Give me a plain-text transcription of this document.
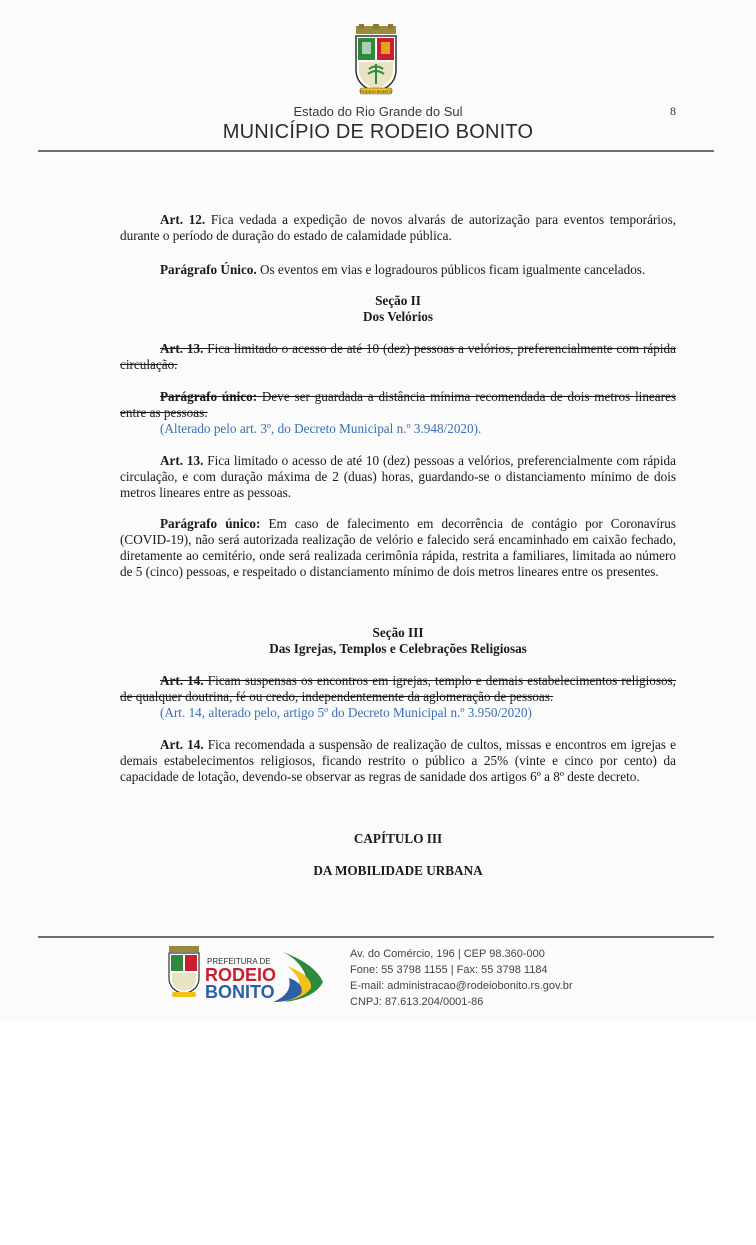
RODEIO BONITO
Estado do Rio Grande do Sul
MUNICÍPIO DE RODEIO BONITO
8
Art. 12. Fica vedada a expedição de novos alvarás de autorização para eventos temporários, durante o período de duração do estado de calamidade pública.
Parágrafo Único. Os eventos em vias e logradouros públicos ficam igualmente cancelados.
Seção II
Dos Velórios
Art. 13. Fica limitado o acesso de até 10 (dez) pessoas a velórios, preferencialmente com rápida circulação.
Parágrafo único: Deve ser guardada a distância mínima recomendada de dois metros lineares entre as pessoas.
(Alterado pelo art. 3º, do Decreto Municipal n.º 3.948/2020).
Art. 13. Fica limitado o acesso de até 10 (dez) pessoas a velórios, preferencialmente com rápida circulação, e com duração máxima de 2 (duas) horas, guardando-se o distanciamento mínimo de dois metros lineares entre as pessoas.
Parágrafo único: Em caso de falecimento em decorrência de contágio por Coronavírus (COVID-19), não será autorizada realização de velório e falecido será encaminhado em caixão fechado, diretamente ao cemitério, onde será realizada cerimônia rápida, restrita a familiares, limitada ao número de 5 (cinco) pessoas, e respeitado o distanciamento mínimo de dois metros lineares entre os presentes.
Seção III
Das Igrejas, Templos e Celebrações Religiosas
Art. 14. Ficam suspensas os encontros em igrejas, templo e demais estabelecimentos religiosos, de qualquer doutrina, fé ou credo, independentemente da aglomeração de pessoas.
(Art. 14, alterado pelo, artigo 5º do Decreto Municipal n.º 3.950/2020)
Art. 14. Fica recomendada a suspensão de realização de cultos, missas e encontros em igrejas e demais estabelecimentos religiosos, ficando restrito o público a 25% (vinte e cinco por cento) da capacidade de lotação, devendo-se observar as regras de sanidade dos artigos 6º a 8º deste decreto.
CAPÍTULO III
DA MOBILIDADE URBANA
PREFEITURA DE
RODEIO
BONITO
Av. do Comércio, 196 | CEP 98.360-000
Fone: 55 3798 1155 | Fax: 55 3798 1184
E-mail: administracao@rodeiobonito.rs.gov.br
CNPJ: 87.613.204/0001-86
